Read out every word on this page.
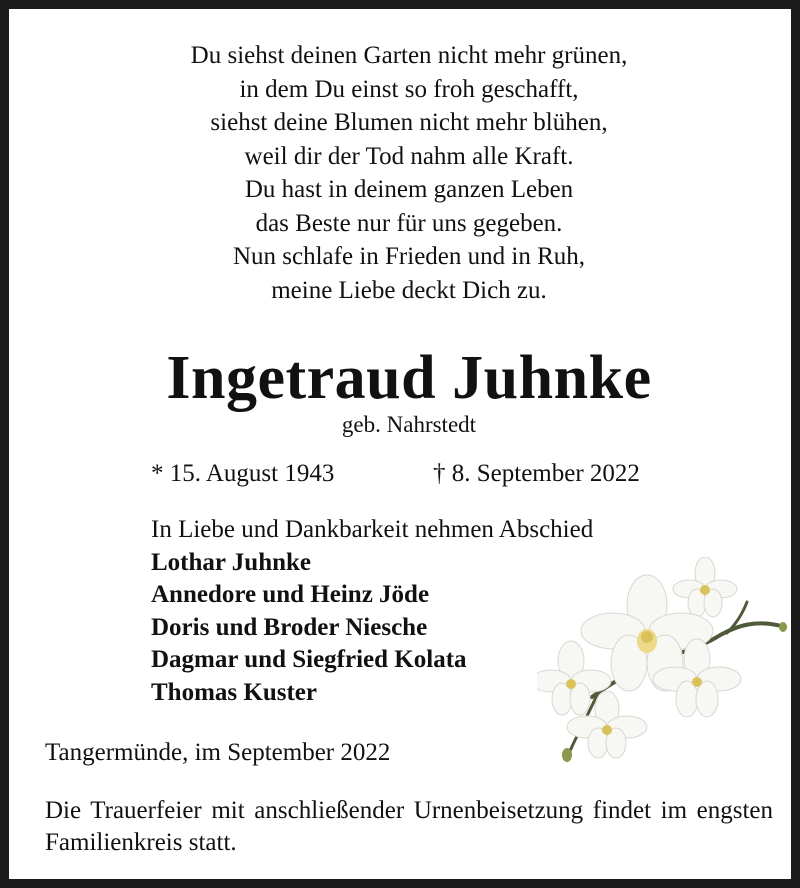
Du siehst deinen Garten nicht mehr grünen,
in dem Du einst so froh geschafft,
siehst deine Blumen nicht mehr blühen,
weil dir der Tod nahm alle Kraft.
Du hast in deinem ganzen Leben
das Beste nur für uns gegeben.
Nun schlafe in Frieden und in Ruh,
meine Liebe deckt Dich zu.
Ingetraud Juhnke
geb. Nahrstedt
* 15. August 1943	† 8. September 2022
In Liebe und Dankbarkeit nehmen Abschied
Lothar Juhnke
Annedore und Heinz Jöde
Doris und Broder Niesche
Dagmar und Siegfried Kolata
Thomas Kuster
Tangermünde, im September 2022
Die Trauerfeier mit anschließender Urnenbeisetzung findet im engsten Familienkreis statt.
